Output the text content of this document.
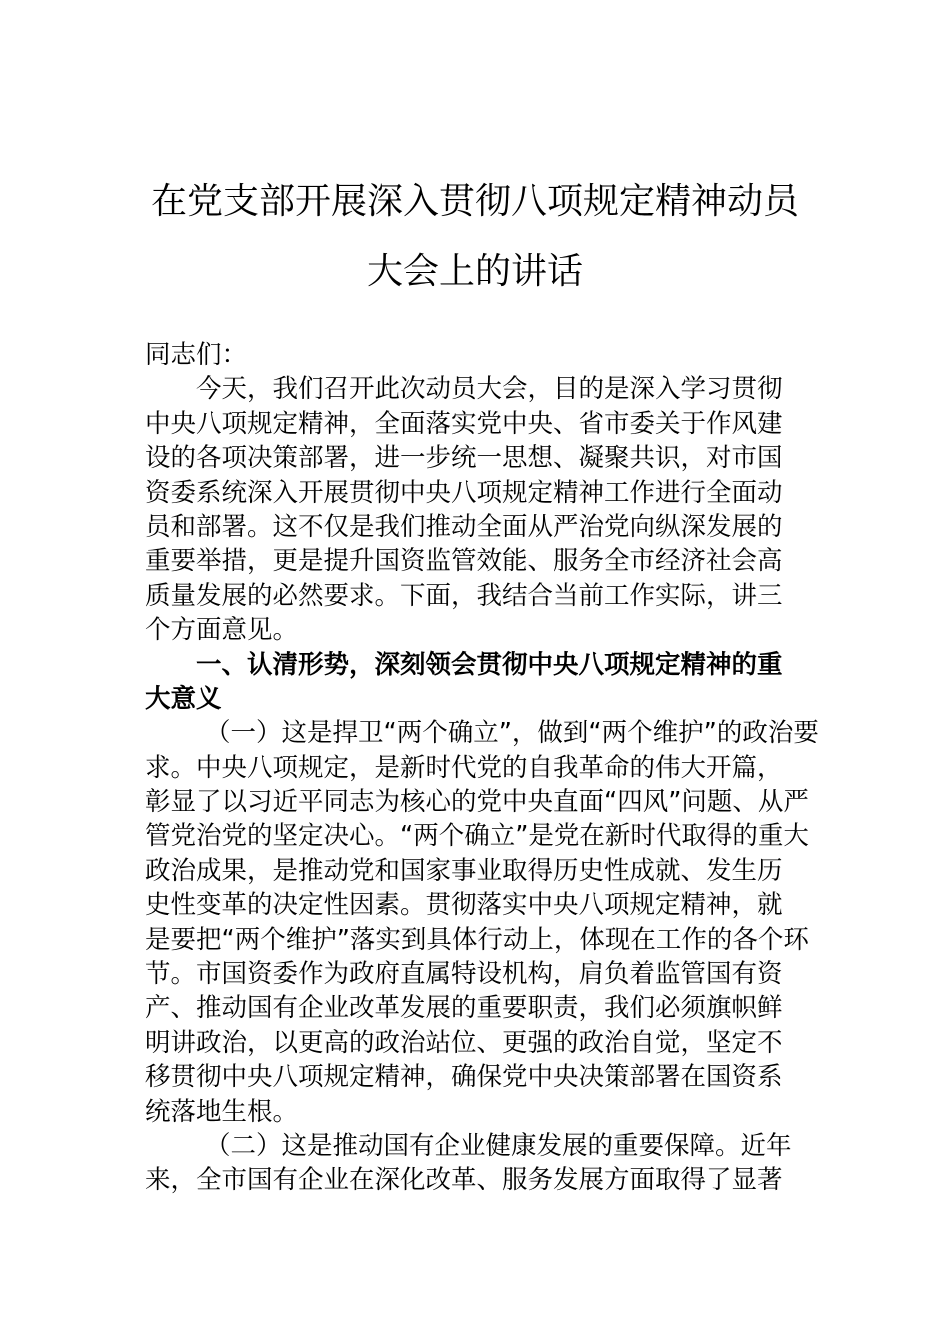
在党支部开展深入贯彻八项规定精神动员
大会上的讲话
同志们：
今天，我们召开此次动员大会，目的是深入学习贯彻
中央八项规定精神，全面落实党中央、省市委关于作风建
设的各项决策部署，进一步统一思想、凝聚共识，对市国
资委系统深入开展贯彻中央八项规定精神工作进行全面动
员和部署。这不仅是我们推动全面从严治党向纵深发展的
重要举措，更是提升国资监管效能、服务全市经济社会高
质量发展的必然要求。下面，我结合当前工作实际，讲三
个方面意见。
一、认清形势，深刻领会贯彻中央八项规定精神的重
大意义
（一）这是捍卫“两个确立”，做到“两个维护”的政治要
求。中央八项规定，是新时代党的自我革命的伟大开篇，
彰显了以习近平同志为核心的党中央直面“四风”问题、从严
管党治党的坚定决心。“两个确立”是党在新时代取得的重大
政治成果，是推动党和国家事业取得历史性成就、发生历
史性变革的决定性因素。贯彻落实中央八项规定精神，就
是要把“两个维护”落实到具体行动上，体现在工作的各个环
节。市国资委作为政府直属特设机构，肩负着监管国有资
产、推动国有企业改革发展的重要职责，我们必须旗帜鲜
明讲政治，以更高的政治站位、更强的政治自觉，坚定不
移贯彻中央八项规定精神，确保党中央决策部署在国资系
统落地生根。
（二）这是推动国有企业健康发展的重要保障。近年
来，全市国有企业在深化改革、服务发展方面取得了显著
